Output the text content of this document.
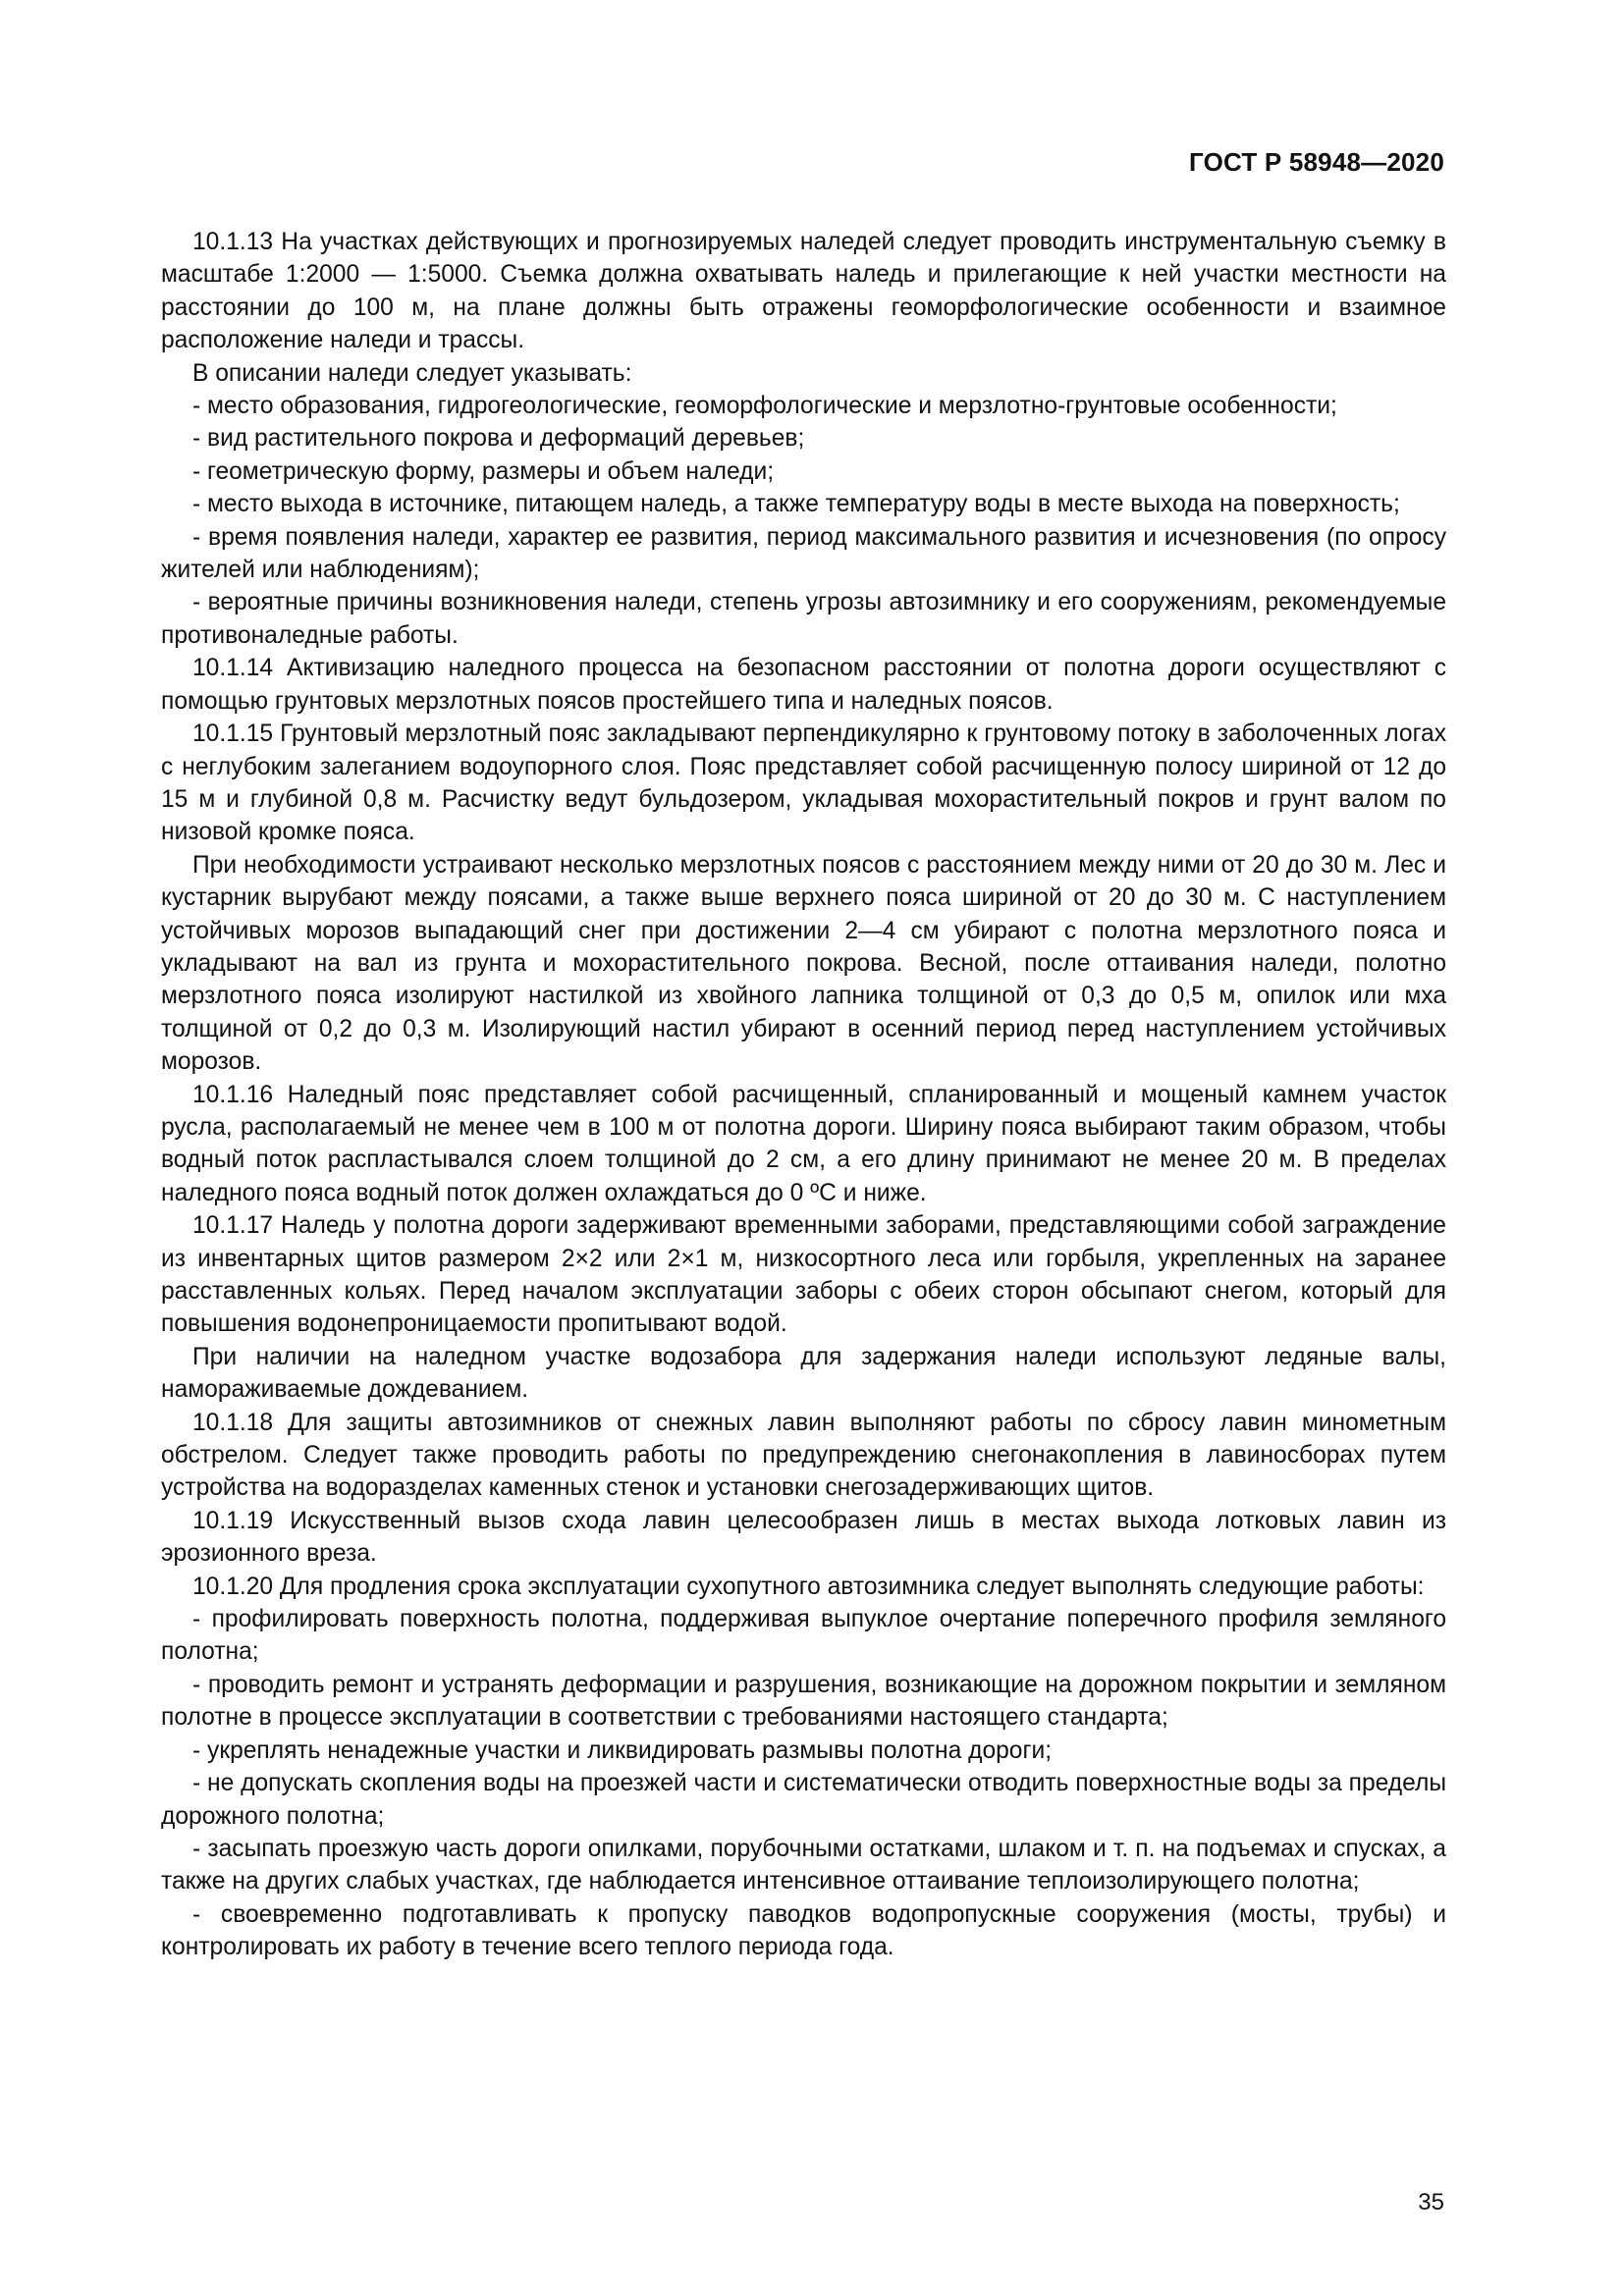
ГОСТ Р 58948—2020

10.1.13 На участках действующих и прогнозируемых наледей следует проводить инструментальную съемку в масштабе 1:2000 — 1:5000. Съемка должна охватывать наледь и прилегающие к ней участки местности на расстоянии до 100 м, на плане должны быть отражены геоморфологические особенности и взаимное расположение наледи и трассы.

В описании наледи следует указывать:

- место образования, гидрогеологические, геоморфологические и мерзлотно-грунтовые особенности;

- вид растительного покрова и деформаций деревьев;

- геометрическую форму, размеры и объем наледи;

- место выхода в источнике, питающем наледь, а также температуру воды в месте выхода на поверхность;

- время появления наледи, характер ее развития, период максимального развития и исчезновения (по опросу жителей или наблюдениям);

- вероятные причины возникновения наледи, степень угрозы автозимнику и его сооружениям, рекомендуемые противоналедные работы.

10.1.14 Активизацию наледного процесса на безопасном расстоянии от полотна дороги осуществляют с помощью грунтовых мерзлотных поясов простейшего типа и наледных поясов.

10.1.15 Грунтовый мерзлотный пояс закладывают перпендикулярно к грунтовому потоку в заболоченных логах с неглубоким залеганием водоупорного слоя. Пояс представляет собой расчищенную полосу шириной от 12 до 15 м и глубиной 0,8 м. Расчистку ведут бульдозером, укладывая мохорастительный покров и грунт валом по низовой кромке пояса.

При необходимости устраивают несколько мерзлотных поясов с расстоянием между ними от 20 до 30 м. Лес и кустарник вырубают между поясами, а также выше верхнего пояса шириной от 20 до 30 м. С наступлением устойчивых морозов выпадающий снег при достижении 2—4 см убирают с полотна мерзлотного пояса и укладывают на вал из грунта и мохорастительного покрова. Весной, после оттаивания наледи, полотно мерзлотного пояса изолируют настилкой из хвойного лапника толщиной от 0,3 до 0,5 м, опилок или мха толщиной от 0,2 до 0,3 м. Изолирующий настил убирают в осенний период перед наступлением устойчивых морозов.

10.1.16 Наледный пояс представляет собой расчищенный, спланированный и мощеный камнем участок русла, располагаемый не менее чем в 100 м от полотна дороги. Ширину пояса выбирают таким образом, чтобы водный поток распластывался слоем толщиной до 2 см, а его длину принимают не менее 20 м. В пределах наледного пояса водный поток должен охлаждаться до 0 ºС и ниже.

10.1.17 Наледь у полотна дороги задерживают временными заборами, представляющими собой заграждение из инвентарных щитов размером 2×2 или 2×1 м, низкосортного леса или горбыля, укрепленных на заранее расставленных кольях. Перед началом эксплуатации заборы с обеих сторон обсыпают снегом, который для повышения водонепроницаемости пропитывают водой.

При наличии на наледном участке водозабора для задержания наледи используют ледяные валы, намораживаемые дождеванием.

10.1.18 Для защиты автозимников от снежных лавин выполняют работы по сбросу лавин минометным обстрелом. Следует также проводить работы по предупреждению снегонакопления в лавиносборах путем устройства на водоразделах каменных стенок и установки снегозадерживающих щитов.

10.1.19 Искусственный вызов схода лавин целесообразен лишь в местах выхода лотковых лавин из эрозионного вреза.

10.1.20 Для продления срока эксплуатации сухопутного автозимника следует выполнять следующие работы:

- профилировать поверхность полотна, поддерживая выпуклое очертание поперечного профиля земляного полотна;

- проводить ремонт и устранять деформации и разрушения, возникающие на дорожном покрытии и земляном полотне в процессе эксплуатации в соответствии с требованиями настоящего стандарта;

- укреплять ненадежные участки и ликвидировать размывы полотна дороги;

- не допускать скопления воды на проезжей части и систематически отводить поверхностные воды за пределы дорожного полотна;

- засыпать проезжую часть дороги опилками, порубочными остатками, шлаком и т. п. на подъемах и спусках, а также на других слабых участках, где наблюдается интенсивное оттаивание теплоизолирующего полотна;

- своевременно подготавливать к пропуску паводков водопропускные сооружения (мосты, трубы) и контролировать их работу в течение всего теплого периода года.

35
